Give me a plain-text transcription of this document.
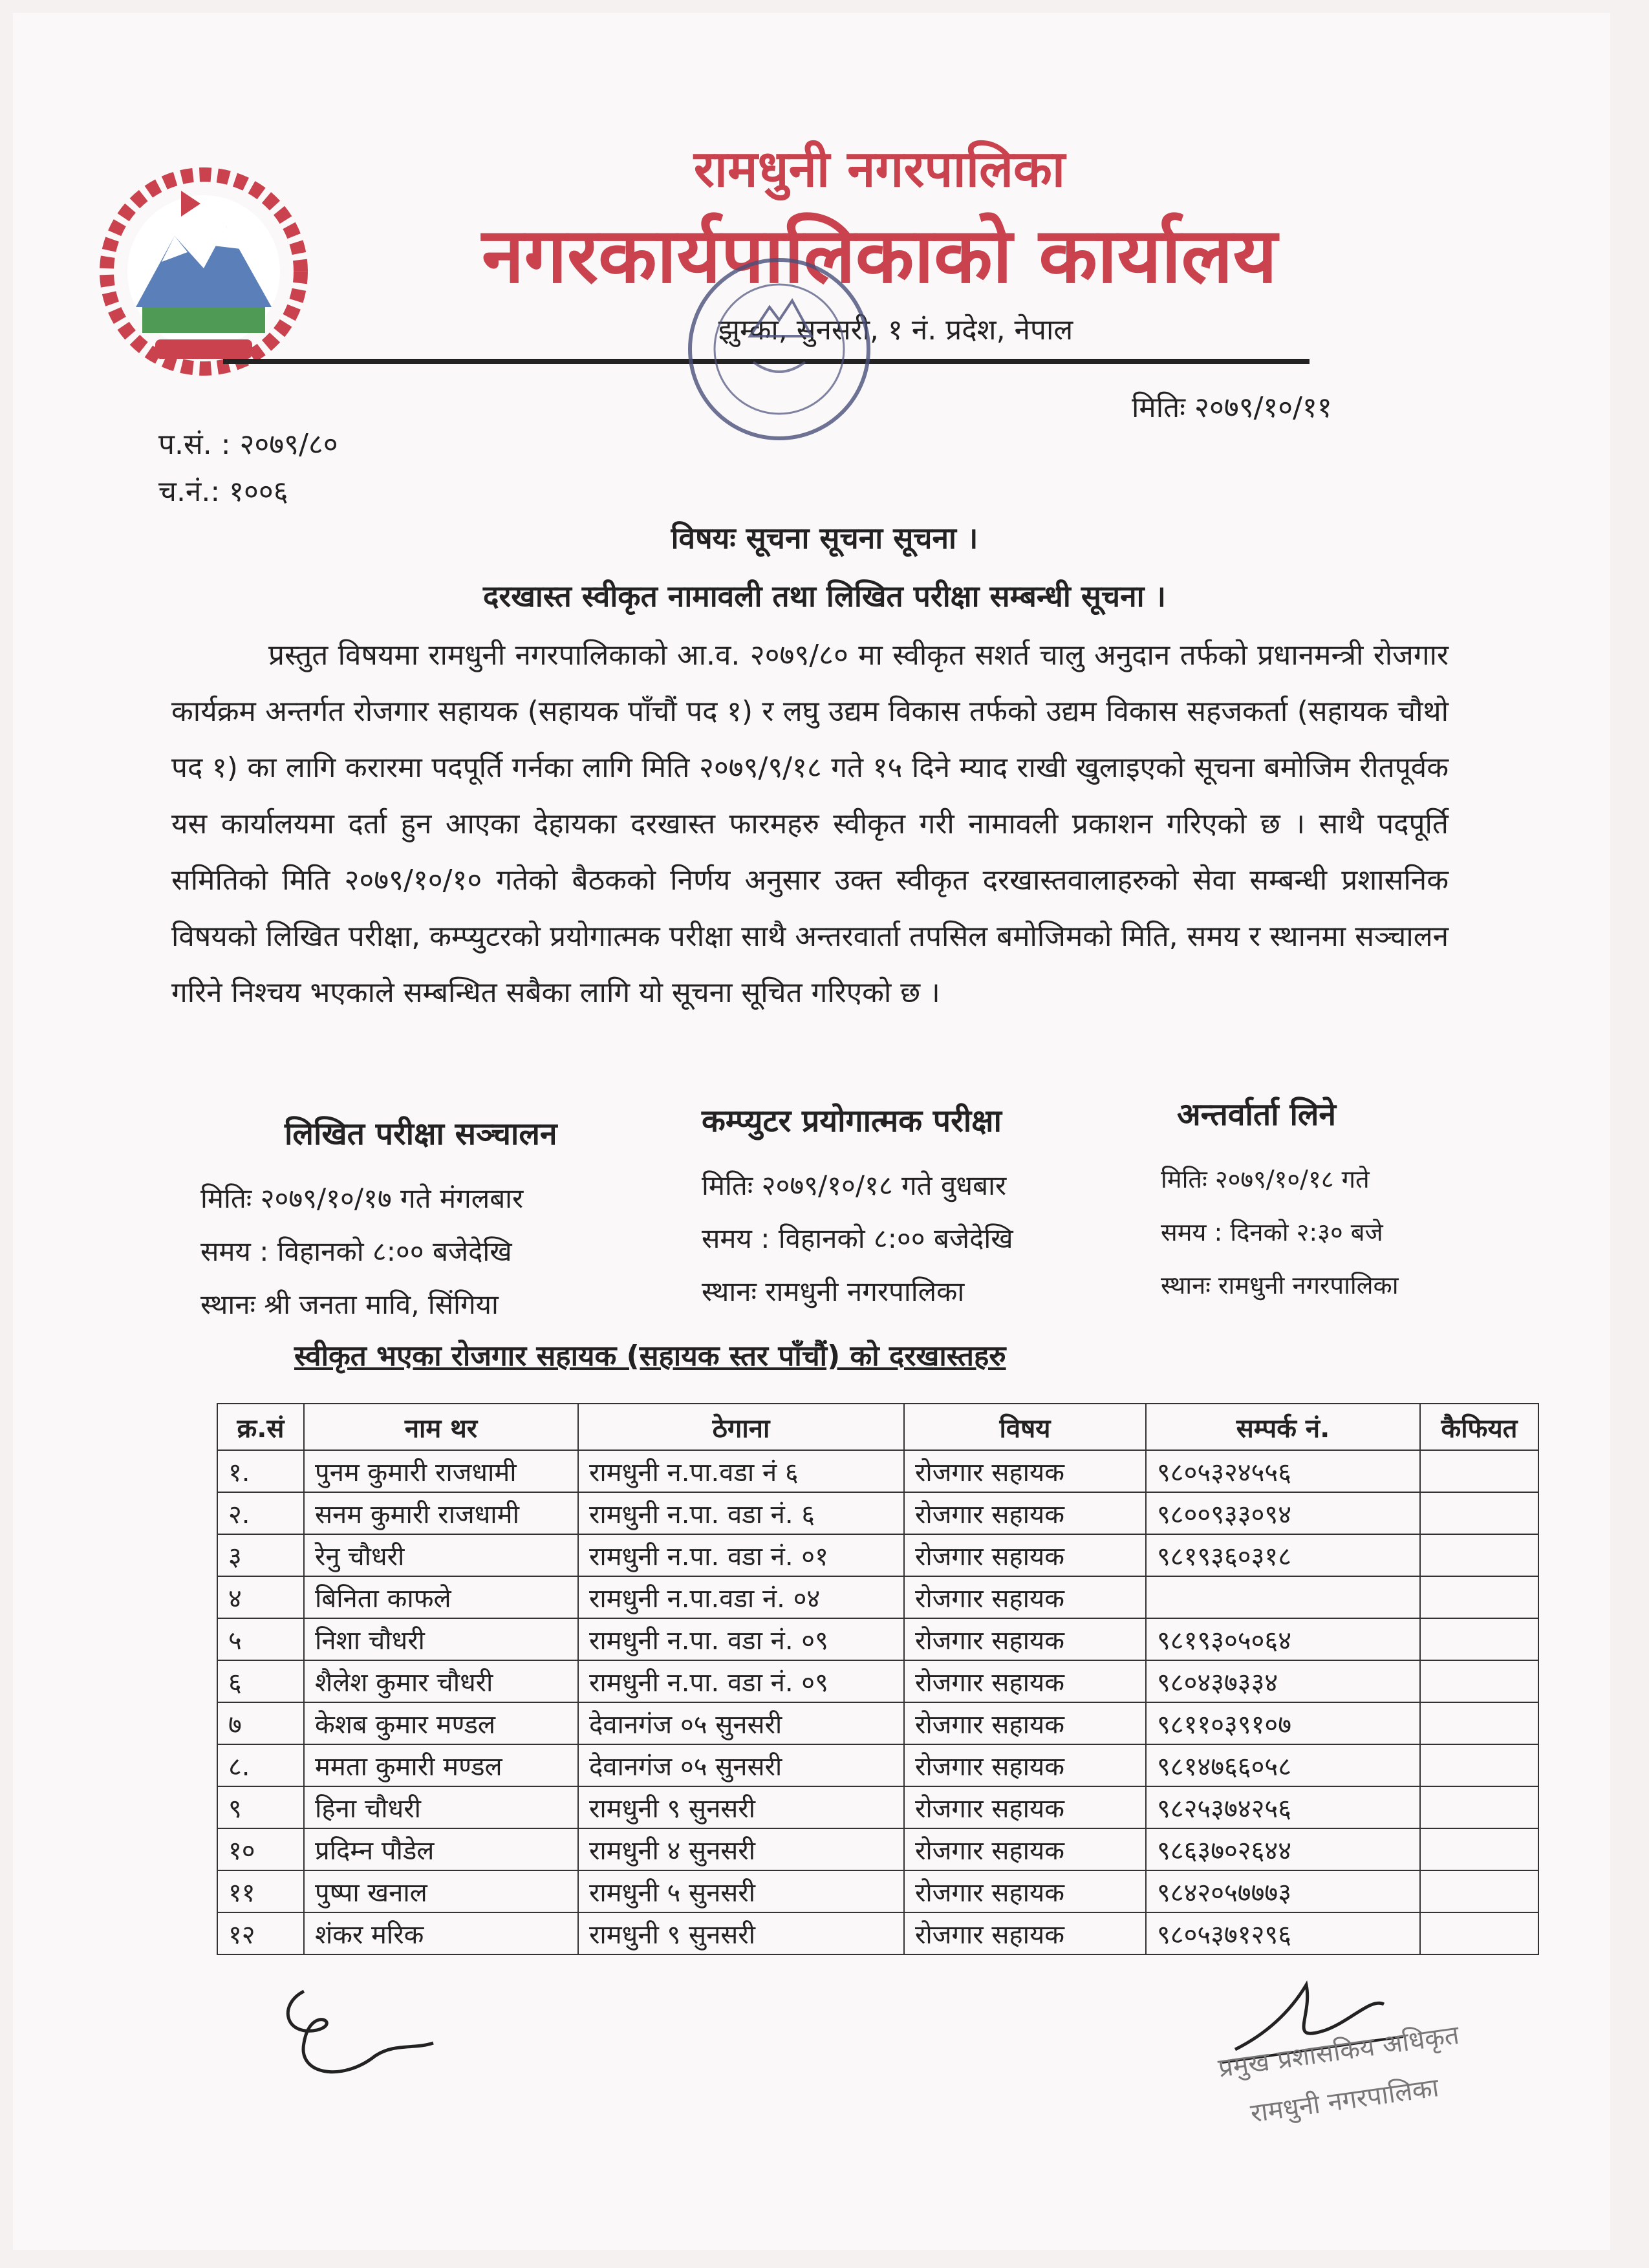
रामधुनी नगरपालिका
नगरकार्यपालिकाको कार्यालय
झुम्का, सुनसरी, १ नं. प्रदेश, नेपाल
प.सं. : २०७९/८०
च.नं.: १००६
मितिः २०७९/१०/११
विषयः सूचना सूचना सूचना ।
दरखास्त स्वीकृत नामावली तथा लिखित परीक्षा सम्बन्धी सूचना ।
प्रस्तुत विषयमा रामधुनी नगरपालिकाको आ.व. २०७९/८० मा स्वीकृत सशर्त चालु अनुदान तर्फको प्रधानमन्त्री रोजगार कार्यक्रम अन्तर्गत रोजगार सहायक (सहायक पाँचौं पद १) र लघु उद्यम विकास तर्फको उद्यम विकास सहजकर्ता (सहायक चौथो पद १) का लागि करारमा पदपूर्ति गर्नका लागि मिति २०७९/९/१८ गते १५ दिने म्याद राखी खुलाइएको सूचना बमोजिम रीतपूर्वक यस कार्यालयमा दर्ता हुन आएका देहायका दरखास्त फारमहरु स्वीकृत गरी नामावली प्रकाशन गरिएको छ । साथै पदपूर्ति समितिको मिति २०७९/१०/१० गतेको बैठकको निर्णय अनुसार उक्त स्वीकृत दरखास्तवालाहरुको सेवा सम्बन्धी प्रशासनिक विषयको लिखित परीक्षा, कम्प्युटरको प्रयोगात्मक परीक्षा साथै अन्तरवार्ता तपसिल बमोजिमको मिति, समय र स्थानमा सञ्चालन गरिने निश्चय भएकाले सम्बन्धित सबैका लागि यो सूचना सूचित गरिएको छ ।
लिखित परीक्षा सञ्चालन
मितिः २०७९/१०/१७ गते मंगलबार
समय : विहानको ८:०० बजेदेखि
स्थानः श्री जनता मावि, सिंगिया
कम्प्युटर प्रयोगात्मक परीक्षा
मितिः २०७९/१०/१८ गते वुधबार
समय : विहानको ८:०० बजेदेखि
स्थानः रामधुनी नगरपालिका
अन्तर्वार्ता लिने
मितिः २०७९/१०/१८ गते
समय : दिनको २:३० बजे
स्थानः रामधुनी नगरपालिका
स्वीकृत भएका रोजगार सहायक (सहायक स्तर पाँचौं) को दरखास्तहरु
क्र.सं	नाम थर	ठेगाना	विषय	सम्पर्क नं.	कैफियत
१.	पुनम कुमारी राजधामी	रामधुनी न.पा.वडा नं ६	रोजगार सहायक	९८०५३२४५५६	
२.	सनम कुमारी राजधामी	रामधुनी न.पा. वडा नं. ६	रोजगार सहायक	९८००९३३०९४	
३	रेनु चौधरी	रामधुनी न.पा. वडा नं. ०१	रोजगार सहायक	९८१९३६०३१८	
४	बिनिता काफले	रामधुनी न.पा.वडा नं. ०४	रोजगार सहायक		
५	निशा चौधरी	रामधुनी न.पा. वडा नं. ०९	रोजगार सहायक	९८१९३०५०६४	
६	शैलेश कुमार चौधरी	रामधुनी न.पा. वडा नं. ०९	रोजगार सहायक	९८०४३७३३४	
७	केशब कुमार मण्डल	देवानगंज ०५ सुनसरी	रोजगार सहायक	९८११०३९१०७	
८.	ममता कुमारी मण्डल	देवानगंज ०५ सुनसरी	रोजगार सहायक	९८१४७६६०५८	
९	हिना चौधरी	रामधुनी ९ सुनसरी	रोजगार सहायक	९८२५३७४२५६	
१०	प्रदिम्न पौडेल	रामधुनी ४ सुनसरी	रोजगार सहायक	९८६३७०२६४४	
११	पुष्पा खनाल	रामधुनी ५ सुनसरी	रोजगार सहायक	९८४२०५७७७३	
१२	शंकर मरिक	रामधुनी ९ सुनसरी	रोजगार सहायक	९८०५३७१२९६	
प्रमुख प्रशासकिय अधिकृत
रामधुनी नगरपालिका
